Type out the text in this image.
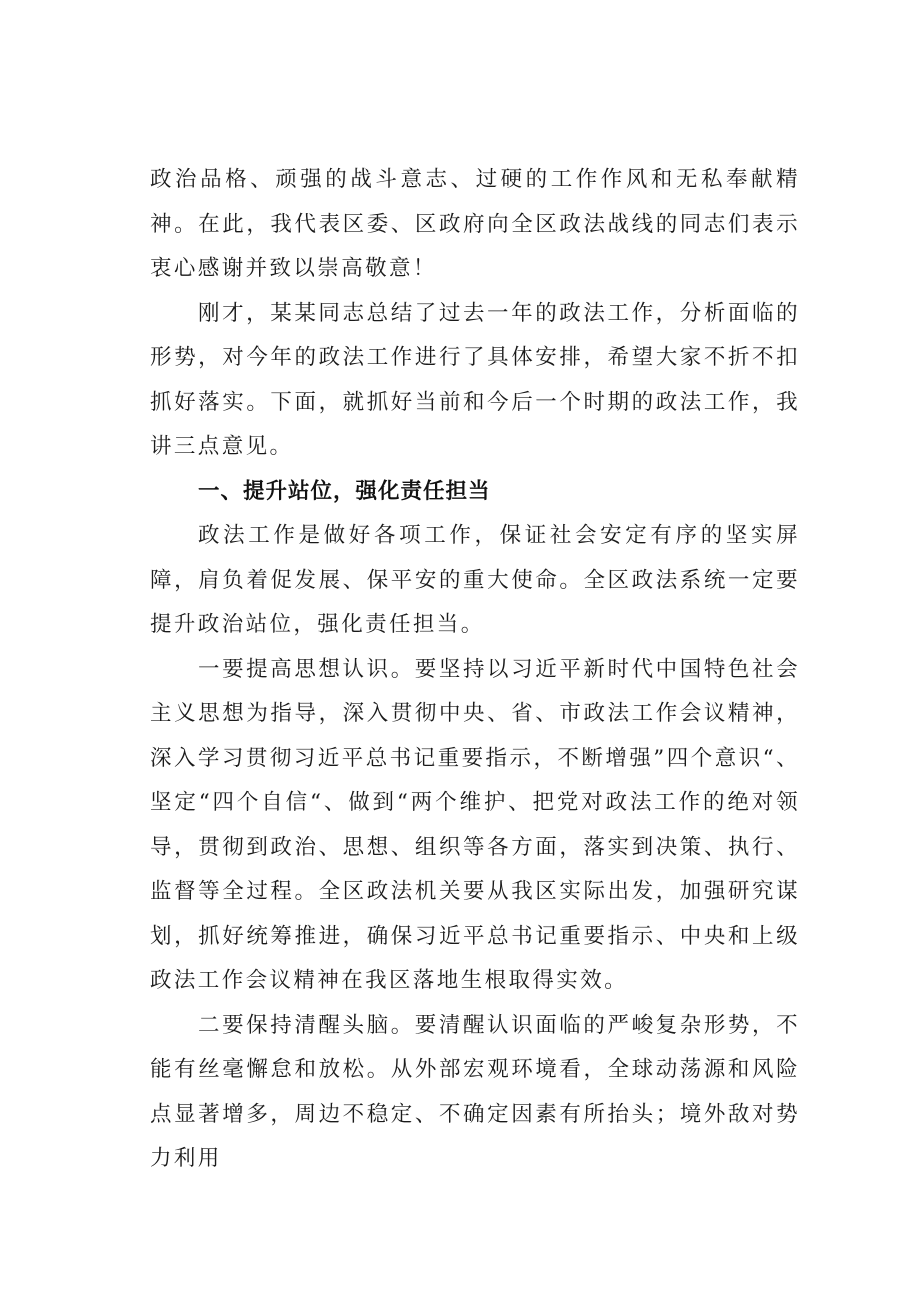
政治品格、顽强的战斗意志、过硬的工作作风和无私奉献精神。在此，我代表区委、区政府向全区政法战线的同志们表示衷心感谢并致以崇高敬意！

刚才，某某同志总结了过去一年的政法工作，分析面临的形势，对今年的政法工作进行了具体安排，希望大家不折不扣抓好落实。下面，就抓好当前和今后一个时期的政法工作，我讲三点意见。

一、提升站位，强化责任担当

政法工作是做好各项工作，保证社会安定有序的坚实屏障，肩负着促发展、保平安的重大使命。全区政法系统一定要提升政治站位，强化责任担当。

一要提高思想认识。要坚持以习近平新时代中国特色社会主义思想为指导，深入贯彻中央、省、市政法工作会议精神，深入学习贯彻习近平总书记重要指示，不断增强”四个意识“、坚定“四个自信“、做到“两个维护、把党对政法工作的绝对领导，贯彻到政治、思想、组织等各方面，落实到决策、执行、监督等全过程。全区政法机关要从我区实际出发，加强研究谋划，抓好统筹推进，确保习近平总书记重要指示、中央和上级政法工作会议精神在我区落地生根取得实效。

二要保持清醒头脑。要清醒认识面临的严峻复杂形势，不能有丝毫懈怠和放松。从外部宏观环境看，全球动荡源和风险点显著增多，周边不稳定、不确定因素有所抬头；境外敌对势力利用
